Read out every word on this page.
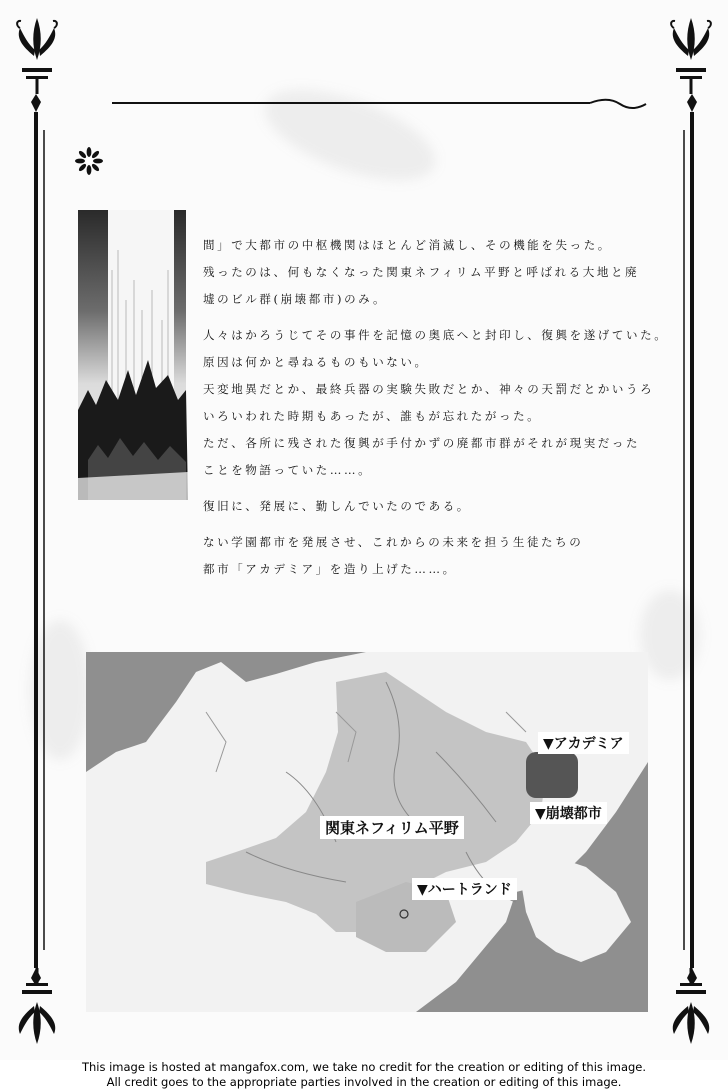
間」で大都市の中枢機関はほとんど消滅し、その機能を失った。

残ったのは、何もなくなった関東ネフィリム平野と呼ばれる大地と廃

墟のビル群(崩壊都市)のみ。

人々はかろうじてその事件を記憶の奥底へと封印し、復興を遂げていた。

原因は何かと尋ねるものもいない。

天変地異だとか、最終兵器の実験失敗だとか、神々の天罰だとかいうろ

いろいわれた時期もあったが、誰もが忘れたがった。

ただ、各所に残された復興が手付かずの廃都市群がそれが現実だった

ことを物語っていた……。

復旧に、発展に、勤しんでいたのである。

ない学園都市を発展させ、これからの未来を担う生徒たちの

都市「アカデミア」を造り上げた……。

▼アカデミア
▼崩壊都市
関東ネフィリム平野
▼ハートランド
This image is hosted at mangafox.com, we take no credit for the creation or editing of this image.
All credit goes to the appropriate parties involved in the creation or editing of this image.
